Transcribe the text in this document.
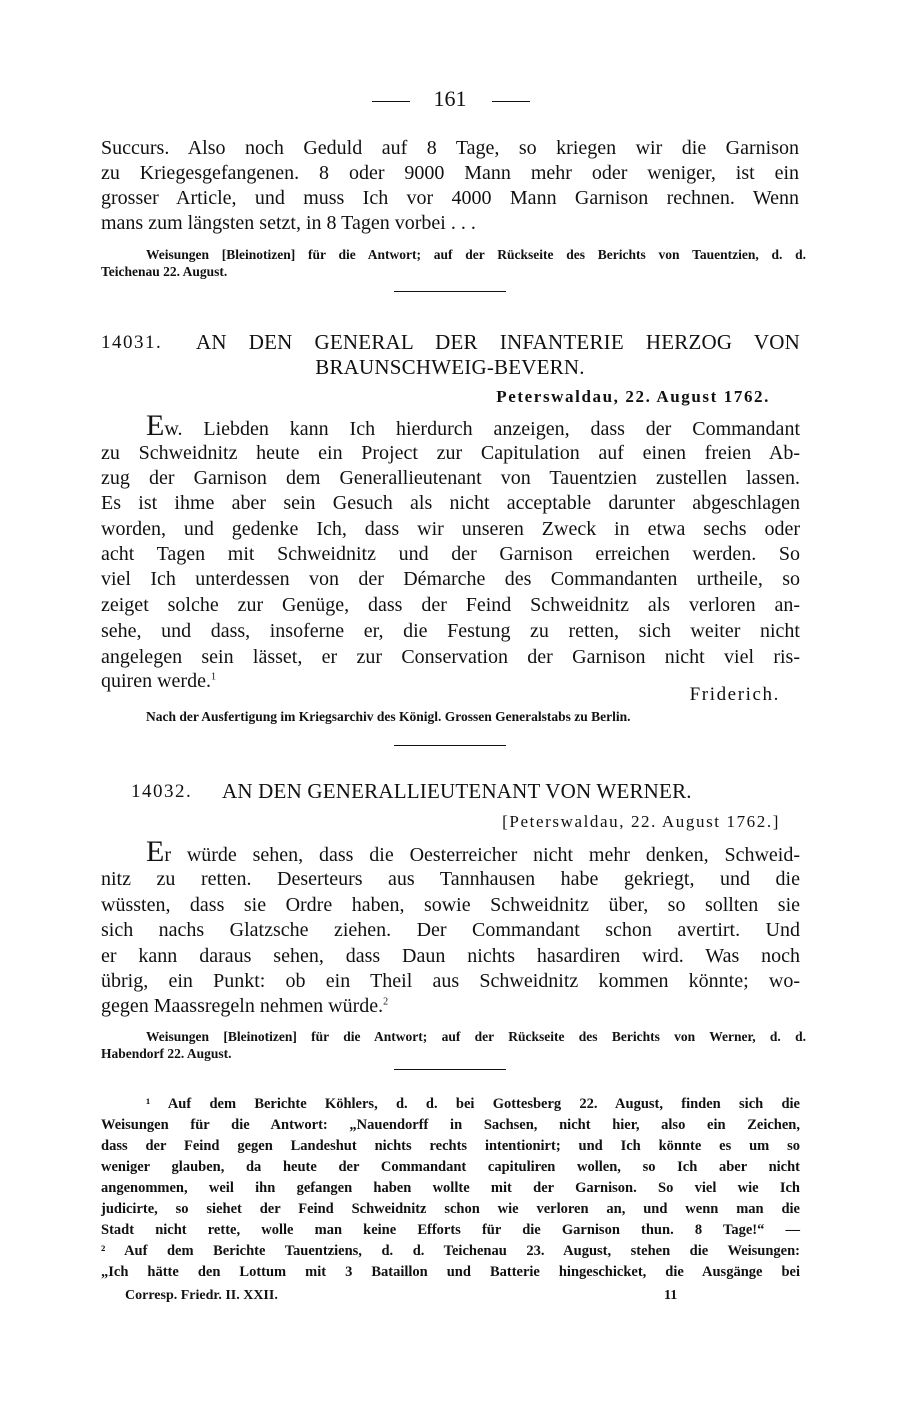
161
Succurs. Also noch Geduld auf 8 Tage, so kriegen wir die Garnison
zu Kriegesgefangenen. 8 oder 9000 Mann mehr oder weniger, ist ein
grosser Article, und muss Ich vor 4000 Mann Garnison rechnen. Wenn
mans zum längsten setzt, in 8 Tagen vorbei . . .
Weisungen [Bleinotizen] für die Antwort; auf der Rückseite des Berichts von Tauentzien, d. d.
Teichenau 22. August.
14031.	AN DEN GENERAL DER INFANTERIE HERZOG VON
BRAUNSCHWEIG-BEVERN.
Peterswaldau, 22. August 1762.
Ew. Liebden kann Ich hierdurch anzeigen, dass der Commandant
zu Schweidnitz heute ein Project zur Capitulation auf einen freien Ab-
zug der Garnison dem Generallieutenant von Tauentzien zustellen lassen.
Es ist ihme aber sein Gesuch als nicht acceptable darunter abgeschlagen
worden, und gedenke Ich, dass wir unseren Zweck in etwa sechs oder
acht Tagen mit Schweidnitz und der Garnison erreichen werden. So
viel Ich unterdessen von der Démarche des Commandanten urtheile, so
zeiget solche zur Genüge, dass der Feind Schweidnitz als verloren an-
sehe, und dass, insoferne er, die Festung zu retten, sich weiter nicht
angelegen sein lässet, er zur Conservation der Garnison nicht viel ris-
quiren werde.$^1$
Friderich.
Nach der Ausfertigung im Kriegsarchiv des Königl. Grossen Generalstabs zu Berlin.
14032.	AN DEN GENERALLIEUTENANT VON WERNER.
[Peterswaldau, 22. August 1762.]
Er würde sehen, dass die Oesterreicher nicht mehr denken, Schweid-
nitz zu retten. Deserteurs aus Tannhausen habe gekriegt, und die
wüssten, dass sie Ordre haben, sowie Schweidnitz über, so sollten sie
sich nachs Glatzsche ziehen. Der Commandant schon avertirt. Und
er kann daraus sehen, dass Daun nichts hasardiren wird. Was noch
übrig, ein Punkt: ob ein Theil aus Schweidnitz kommen könnte; wo-
gegen Maassregeln nehmen würde.$^2$
Weisungen [Bleinotizen] für die Antwort; auf der Rückseite des Berichts von Werner, d. d.
Habendorf 22. August.
¹ Auf dem Berichte Köhlers, d. d. bei Gottesberg 22. August, finden sich die
Weisungen für die Antwort: „Nauendorff in Sachsen, nicht hier, also ein Zeichen,
dass der Feind gegen Landeshut nichts rechts intentionirt; und Ich könnte es um so
weniger glauben, da heute der Commandant capituliren wollen, so Ich aber nicht
angenommen, weil ihn gefangen haben wollte mit der Garnison. So viel wie Ich
judicirte, so siehet der Feind Schweidnitz schon wie verloren an, und wenn man die
Stadt nicht rette, wolle man keine Efforts für die Garnison thun. 8 Tage!“ —
² Auf dem Berichte Tauentziens, d. d. Teichenau 23. August, stehen die Weisungen:
„Ich hätte den Lottum mit 3 Bataillon und Batterie hingeschicket, die Ausgänge bei
Corresp. Friedr. II. XXII.	11
